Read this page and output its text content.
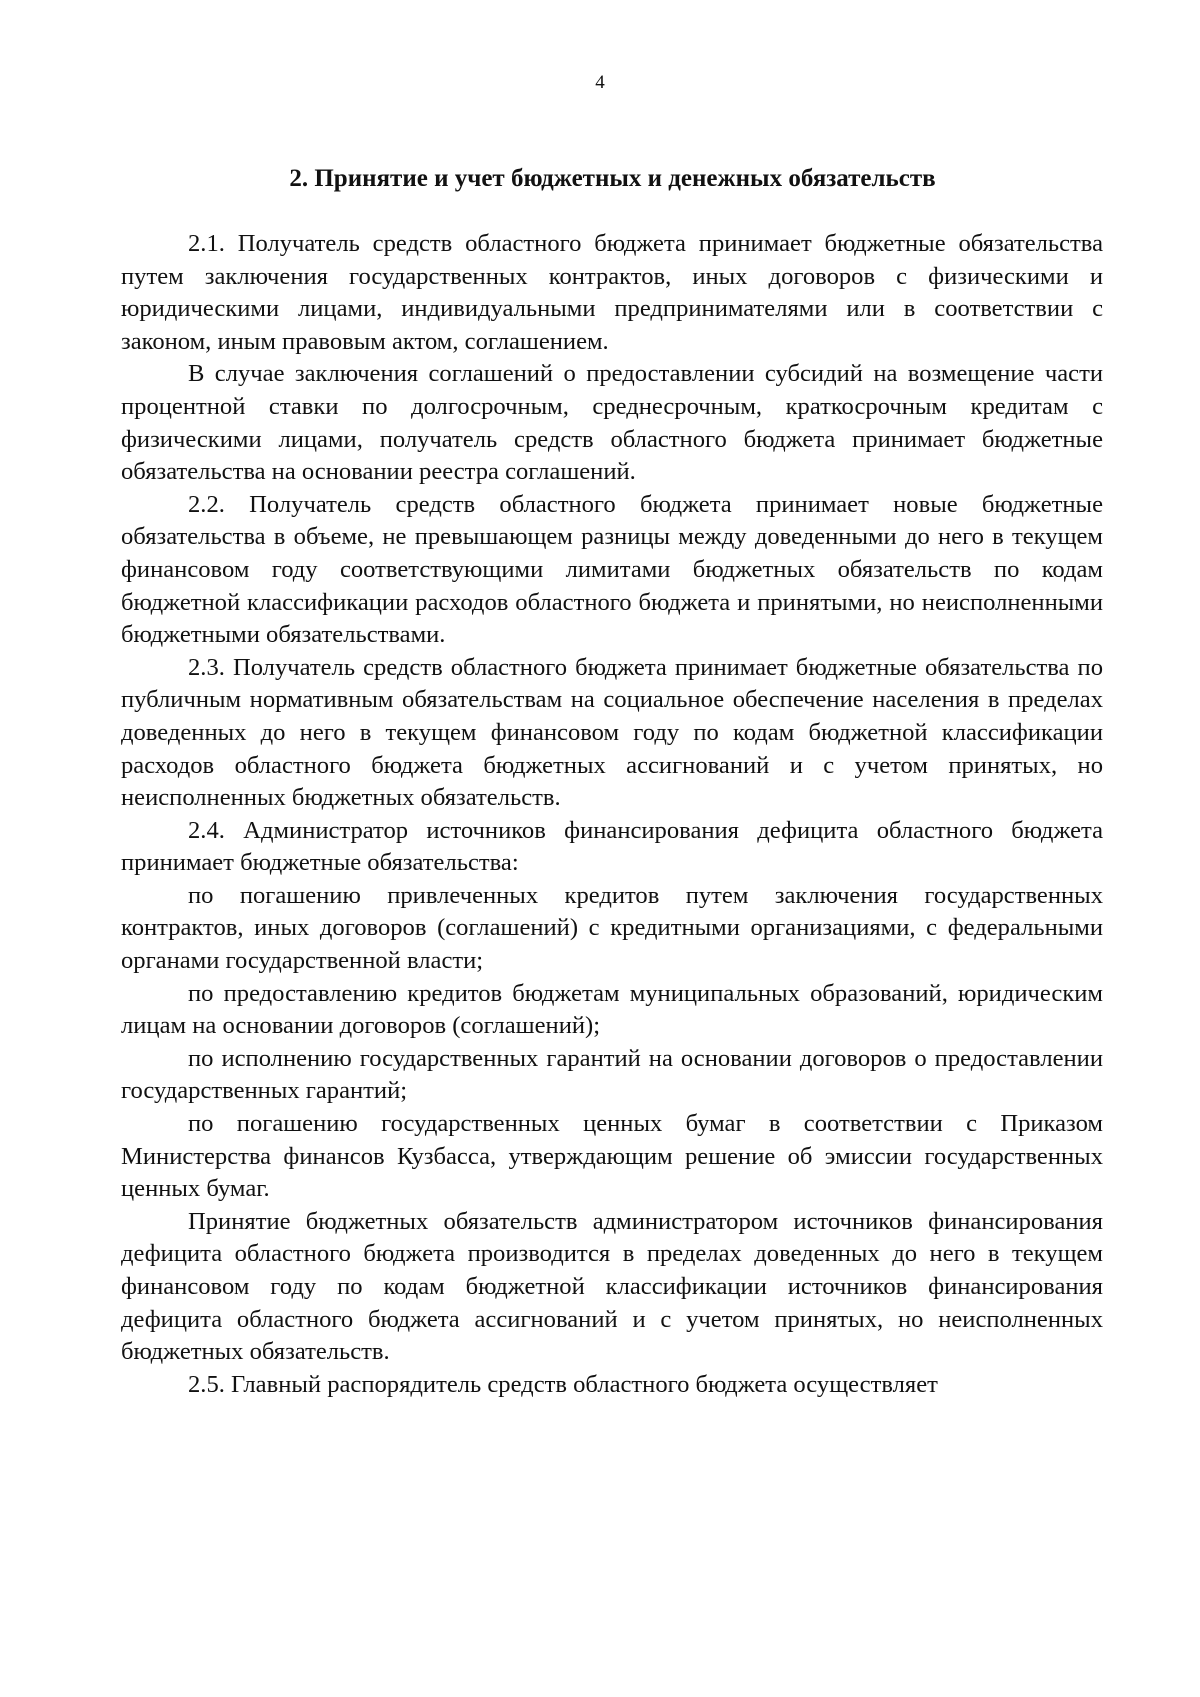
4
2. Принятие и учет бюджетных и денежных обязательств

2.1. Получатель средств областного бюджета принимает бюджетные обязательства путем заключения государственных контрактов, иных договоров с физическими и юридическими лицами, индивидуальными предпринимателями или в соответствии с законом, иным правовым актом, соглашением.

В случае заключения соглашений о предоставлении субсидий на возмещение части процентной ставки по долгосрочным, среднесрочным, краткосрочным кредитам с физическими лицами, получатель средств областного бюджета принимает бюджетные обязательства на основании реестра соглашений.

2.2. Получатель средств областного бюджета принимает новые бюджетные обязательства в объеме, не превышающем разницы между доведенными до него в текущем финансовом году соответствующими лимитами бюджетных обязательств по кодам бюджетной классификации расходов областного бюджета и принятыми, но неисполненными бюджетными обязательствами.

2.3. Получатель средств областного бюджета принимает бюджетные обязательства по публичным нормативным обязательствам на социальное обеспечение населения в пределах доведенных до него в текущем финансовом году по кодам бюджетной классификации расходов областного бюджета бюджетных ассигнований и с учетом принятых, но неисполненных бюджетных обязательств.

2.4. Администратор источников финансирования дефицита областного бюджета принимает бюджетные обязательства:

по погашению привлеченных кредитов путем заключения государственных контрактов, иных договоров (соглашений) с кредитными организациями, с федеральными органами государственной власти;

по предоставлению кредитов бюджетам муниципальных образований, юридическим лицам на основании договоров (соглашений);

по исполнению государственных гарантий на основании договоров о предоставлении государственных гарантий;

по погашению государственных ценных бумаг в соответствии с Приказом Министерства финансов Кузбасса, утверждающим решение об эмиссии государственных ценных бумаг.

Принятие бюджетных обязательств администратором источников финансирования дефицита областного бюджета производится в пределах доведенных до него в текущем финансовом году по кодам бюджетной классификации источников финансирования дефицита областного бюджета ассигнований и с учетом принятых, но неисполненных бюджетных обязательств.

2.5. Главный распорядитель средств областного бюджета осуществляет
